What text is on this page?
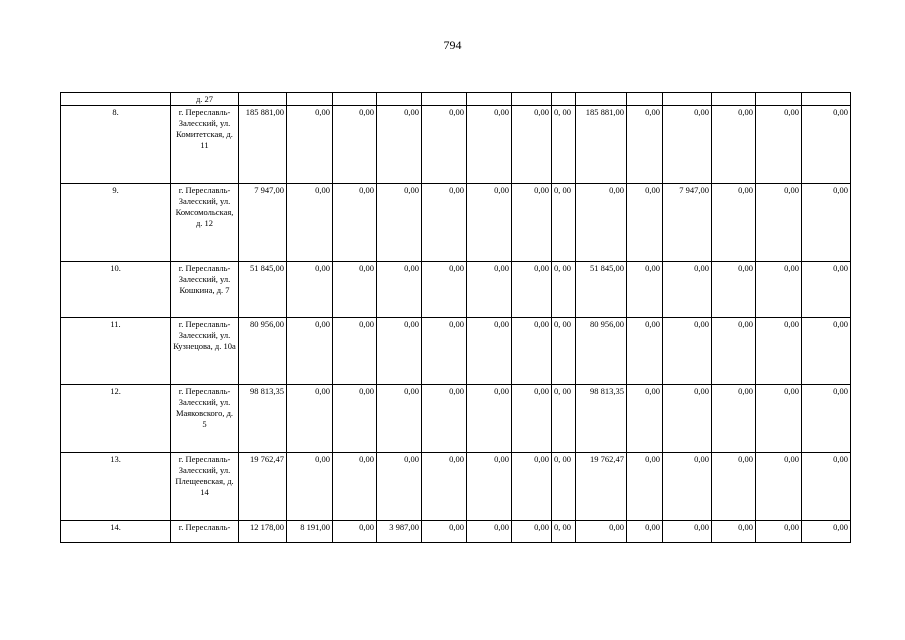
794
	д. 27														
8.	г. Переславль-Залесский, ул. Комитетская, д. 11	185 881,00	0,00	0,00	0,00	0,00	0,00	0,00	0, 00	185 881,00	0,00	0,00	0,00	0,00	0,00
9.	г. Переславль-Залесский, ул. Комсомольская, д. 12	7 947,00	0,00	0,00	0,00	0,00	0,00	0,00	0, 00	0,00	0,00	7 947,00	0,00	0,00	0,00
10.	г. Переславль-Залесский, ул. Кошкина, д. 7	51 845,00	0,00	0,00	0,00	0,00	0,00	0,00	0, 00	51 845,00	0,00	0,00	0,00	0,00	0,00
11.	г. Переславль-Залесский, ул. Кузнецова, д. 10а	80 956,00	0,00	0,00	0,00	0,00	0,00	0,00	0, 00	80 956,00	0,00	0,00	0,00	0,00	0,00
12.	г. Переславль-Залесский, ул. Маяковского, д. 5	98 813,35	0,00	0,00	0,00	0,00	0,00	0,00	0, 00	98 813,35	0,00	0,00	0,00	0,00	0,00
13.	г. Переславль-Залесский, ул. Плещеевская, д. 14	19 762,47	0,00	0,00	0,00	0,00	0,00	0,00	0, 00	19 762,47	0,00	0,00	0,00	0,00	0,00
14.	г. Переславль-	12 178,00	8 191,00	0,00	3 987,00	0,00	0,00	0,00	0, 00	0,00	0,00	0,00	0,00	0,00	0,00
